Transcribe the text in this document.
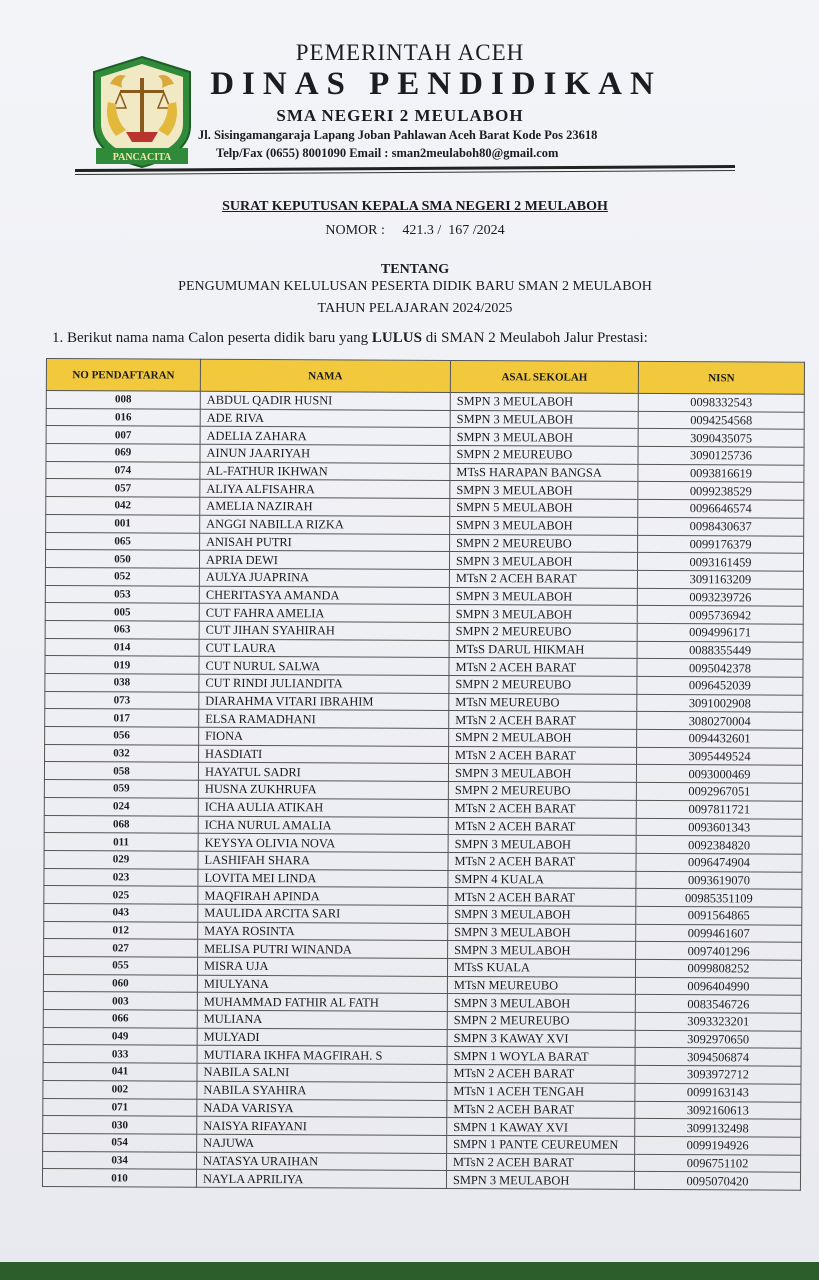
PANCACITA
PEMERINTAH ACEH
DINAS PENDIDIKAN
SMA NEGERI 2 MEULABOH
Jl. Sisingamangaraja Lapang Joban Pahlawan Aceh Barat Kode Pos 23618
Telp/Fax (0655) 8001090 Email : sman2meulaboh80@gmail.com
SURAT KEPUTUSAN KEPALA SMA NEGERI 2 MEULABOH
NOMOR :     421.3 /  167 /2024
TENTANG
PENGUMUMAN KELULUSAN PESERTA DIDIK BARU SMAN 2 MEULABOH
TAHUN PELAJARAN 2024/2025
1. Berikut nama nama Calon peserta didik baru yang LULUS di SMAN 2 Meulaboh Jalur Prestasi:
NO PENDAFTARAN	NAMA	ASAL SEKOLAH	NISN
008	ABDUL QADIR HUSNI	SMPN 3 MEULABOH	0098332543
016	ADE RIVA	SMPN 3 MEULABOH	0094254568
007	ADELIA ZAHARA	SMPN 3 MEULABOH	3090435075
069	AINUN JAARIYAH	SMPN 2 MEUREUBO	3090125736
074	AL-FATHUR IKHWAN	MTsS HARAPAN BANGSA	0093816619
057	ALIYA ALFISAHRA	SMPN 3 MEULABOH	0099238529
042	AMELIA NAZIRAH	SMPN 5 MEULABOH	0096646574
001	ANGGI NABILLA RIZKA	SMPN 3 MEULABOH	0098430637
065	ANISAH PUTRI	SMPN 2 MEUREUBO	0099176379
050	APRIA DEWI	SMPN 3 MEULABOH	0093161459
052	AULYA JUAPRINA	MTsN 2 ACEH BARAT	3091163209
053	CHERITASYA AMANDA	SMPN 3 MEULABOH	0093239726
005	CUT FAHRA AMELIA	SMPN 3 MEULABOH	0095736942
063	CUT JIHAN SYAHIRAH	SMPN 2 MEUREUBO	0094996171
014	CUT LAURA	MTsS DARUL HIKMAH	0088355449
019	CUT NURUL SALWA	MTsN 2 ACEH BARAT	0095042378
038	CUT RINDI JULIANDITA	SMPN 2 MEUREUBO	0096452039
073	DIARAHMA VITARI IBRAHIM	MTsN MEUREUBO	3091002908
017	ELSA RAMADHANI	MTsN 2 ACEH BARAT	3080270004
056	FIONA	SMPN 2 MEULABOH	0094432601
032	HASDIATI	MTsN 2 ACEH BARAT	3095449524
058	HAYATUL SADRI	SMPN 3 MEULABOH	0093000469
059	HUSNA ZUKHRUFA	SMPN 2 MEUREUBO	0092967051
024	ICHA AULIA ATIKAH	MTsN 2 ACEH BARAT	0097811721
068	ICHA NURUL AMALIA	MTsN 2 ACEH BARAT	0093601343
011	KEYSYA OLIVIA NOVA	SMPN 3 MEULABOH	0092384820
029	LASHIFAH SHARA	MTsN 2 ACEH BARAT	0096474904
023	LOVITA MEI LINDA	SMPN 4 KUALA	0093619070
025	MAQFIRAH APINDA	MTsN 2 ACEH BARAT	00985351109
043	MAULIDA ARCITA SARI	SMPN 3 MEULABOH	0091564865
012	MAYA ROSINTA	SMPN 3 MEULABOH	0099461607
027	MELISA PUTRI WINANDA	SMPN 3 MEULABOH	0097401296
055	MISRA UJA	MTsS KUALA	0099808252
060	MIULYANA	MTsN MEUREUBO	0096404990
003	MUHAMMAD FATHIR AL FATH	SMPN 3 MEULABOH	0083546726
066	MULIANA	SMPN 2 MEUREUBO	3093323201
049	MULYADI	SMPN 3 KAWAY XVI	3092970650
033	MUTIARA IKHFA MAGFIRAH. S	SMPN 1 WOYLA BARAT	3094506874
041	NABILA SALNI	MTsN 2 ACEH BARAT	3093972712
002	NABILA SYAHIRA	MTsN 1 ACEH TENGAH	0099163143
071	NADA VARISYA	MTsN 2 ACEH BARAT	3092160613
030	NAISYA RIFAYANI	SMPN 1 KAWAY XVI	3099132498
054	NAJUWA	SMPN 1 PANTE CEUREUMEN	0099194926
034	NATASYA URAIHAN	MTsN 2 ACEH BARAT	0096751102
010	NAYLA APRILIYA	SMPN 3 MEULABOH	0095070420
